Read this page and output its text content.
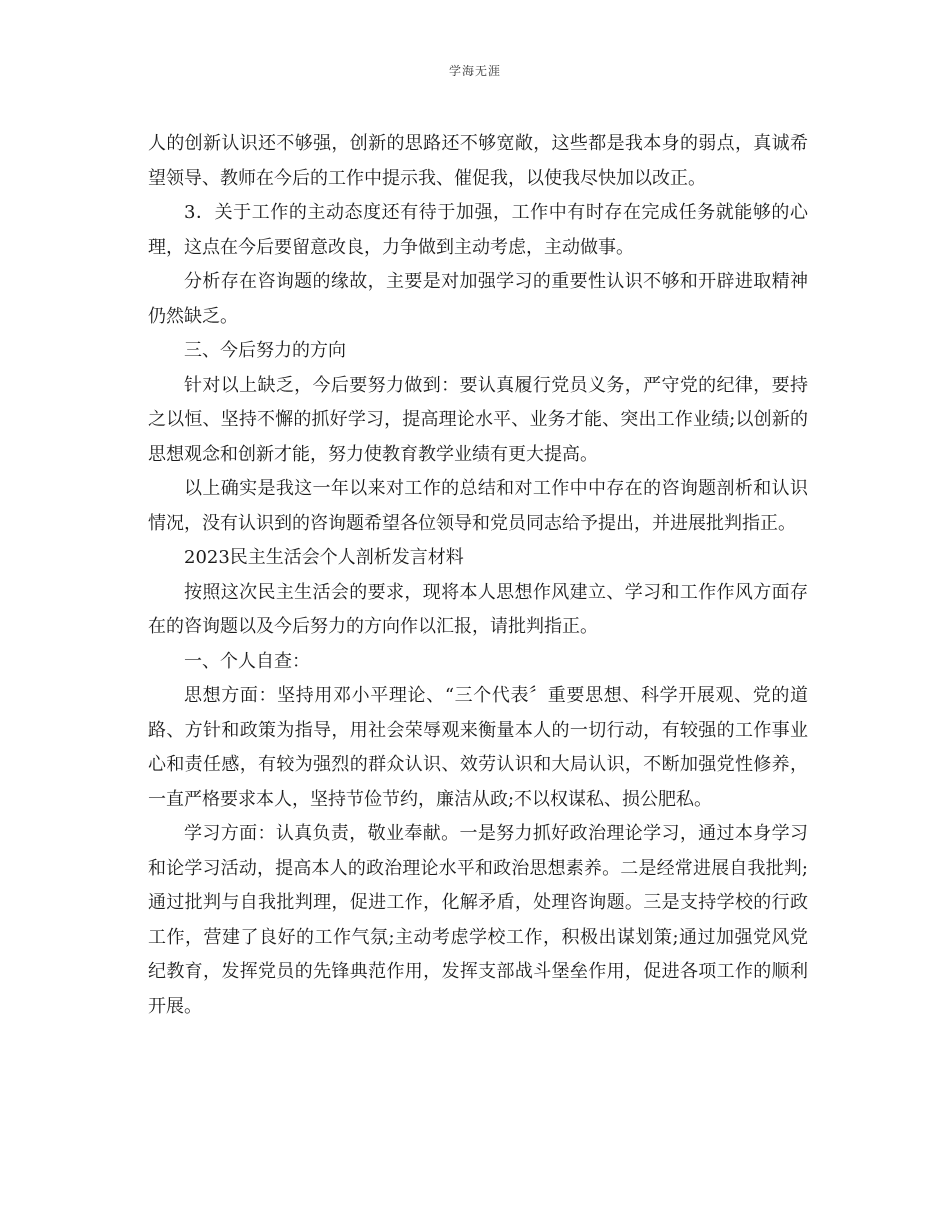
学海无涯

人的创新认识还不够强，创新的思路还不够宽敞，这些都是我本身的弱点，真诚希望领导、教师在今后的工作中提示我、催促我，以使我尽快加以改正。

3．关于工作的主动态度还有待于加强，工作中有时存在完成任务就能够的心理，这点在今后要留意改良，力争做到主动考虑，主动做事。

分析存在咨询题的缘故，主要是对加强学习的重要性认识不够和开辟进取精神仍然缺乏。

三、今后努力的方向

针对以上缺乏，今后要努力做到：要认真履行党员义务，严守党的纪律，要持之以恒、坚持不懈的抓好学习，提高理论水平、业务才能、突出工作业绩;以创新的思想观念和创新才能，努力使教育教学业绩有更大提高。

以上确实是我这一年以来对工作的总结和对工作中中存在的咨询题剖析和认识情况，没有认识到的咨询题希望各位领导和党员同志给予提出，并进展批判指正。

2023民主生活会个人剖析发言材料

按照这次民主生活会的要求，现将本人思想作风建立、学习和工作作风方面存在的咨询题以及今后努力的方向作以汇报，请批判指正。

一、个人自查：

思想方面：坚持用邓小平理论、“三个代表〞重要思想、科学开展观、党的道路、方针和政策为指导，用社会荣辱观来衡量本人的一切行动，有较强的工作事业心和责任感，有较为强烈的群众认识、效劳认识和大局认识，不断加强党性修养，一直严格要求本人，坚持节俭节约，廉洁从政;不以权谋私、损公肥私。

学习方面：认真负责，敬业奉献。一是努力抓好政治理论学习，通过本身学习和论学习活动，提高本人的政治理论水平和政治思想素养。二是经常进展自我批判;通过批判与自我批判理，促进工作，化解矛盾，处理咨询题。三是支持学校的行政工作，营建了良好的工作气氛;主动考虑学校工作，积极出谋划策;通过加强党风党纪教育，发挥党员的先锋典范作用，发挥支部战斗堡垒作用，促进各项工作的顺利开展。
